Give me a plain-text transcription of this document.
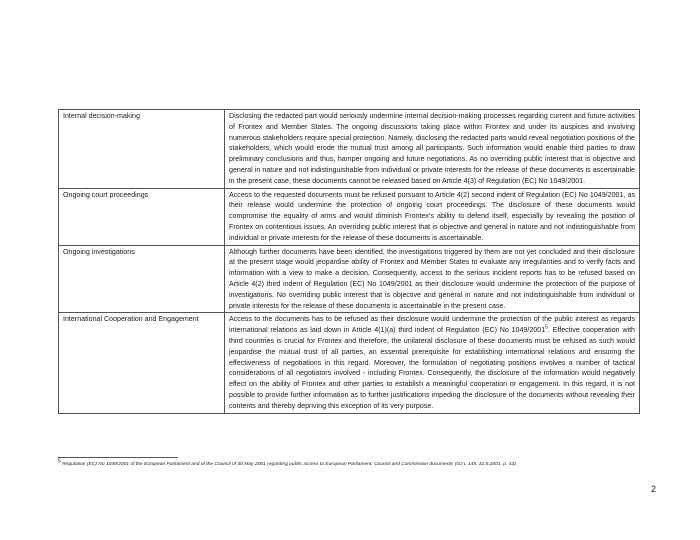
Internal decision-making	Disclosing the redacted part would seriously undermine internal decision-making processes regarding current and future activities of Frontex and Member States. The ongoing discussions taking place within Frontex and under its auspices and involving numerous stakeholders require special protection. Namely, disclosing the redacted parts would reveal negotiation positions of the stakeholders, which would erode the mutual trust among all participants. Such information would enable third parties to draw preliminary conclusions and thus, hamper ongoing and future negotiations. As no overriding public interest that is objective and general in nature and not indistinguishable from individual or private interests for the release of these documents is ascertainable in the present case, these documents cannot be released based on Article 4(3) of Regulation (EC) No 1049/2001.
Ongoing court proceedings	Access to the requested documents must be refused pursuant to Article 4(2) second indent of Regulation (EC) No 1049/2001, as their release would undermine the protection of ongoing court proceedings. The disclosure of these documents would compromise the equality of arms and would diminish Frontex's ability to defend itself, especially by revealing the position of Frontex on contentious issues. An overriding public interest that is objective and general in nature and not indistinguishable from individual or private interests for the release of these documents is ascertainable.
Ongoing investigations	Although further documents have been identified, the investigations triggered by them are not yet concluded and their disclosure at the present stage would jeopardise ability of Frontex and Member States to evaluate any irregularities and to verify facts and information with a view to make a decision. Consequently, access to the serious incident reports has to be refused based on Article 4(2) third indent of Regulation (EC) No 1049/2001 as their disclosure would undermine the protection of the purpose of investigations. No overriding public interest that is objective and general in nature and not indistinguishable from individual or private interests for the release of these documents is ascertainable in the present case.
International Cooperation and Engagement	Access to the documents has to be refused as their disclosure would undermine the protection of the public interest as regards international relations as laid down in Article 4(1)(a) third indent of Regulation (EC) No 1049/2001$^5$. Effective cooperation with third countries is crucial for Frontex and therefore, the unilateral disclosure of these documents must be refused as such would jeopardise the mutual trust of all parties, an essential prerequisite for establishing international relations and ensuring the effectiveness of negotiations in this regard. Moreover, the formulation of negotiating positions involves a number of tactical considerations of all negotiators involved - including Frontex. Consequently, the disclosure of the information would negatively effect on the ability of Frontex and other parties to establish a meaningful cooperation or engagement. In this regard, it is not possible to provide further information as to further justifications impeding the disclosure of the documents without revealing their contents and thereby depriving this exception of its very purpose.
$^5$ Regulation (EC) No 1049/2001 of the European Parliament and of the Council of 30 May 2001 regarding public access to European Parliament, Council and Commission documents (OJ L 145, 31.5.2001, p. 43).
2
